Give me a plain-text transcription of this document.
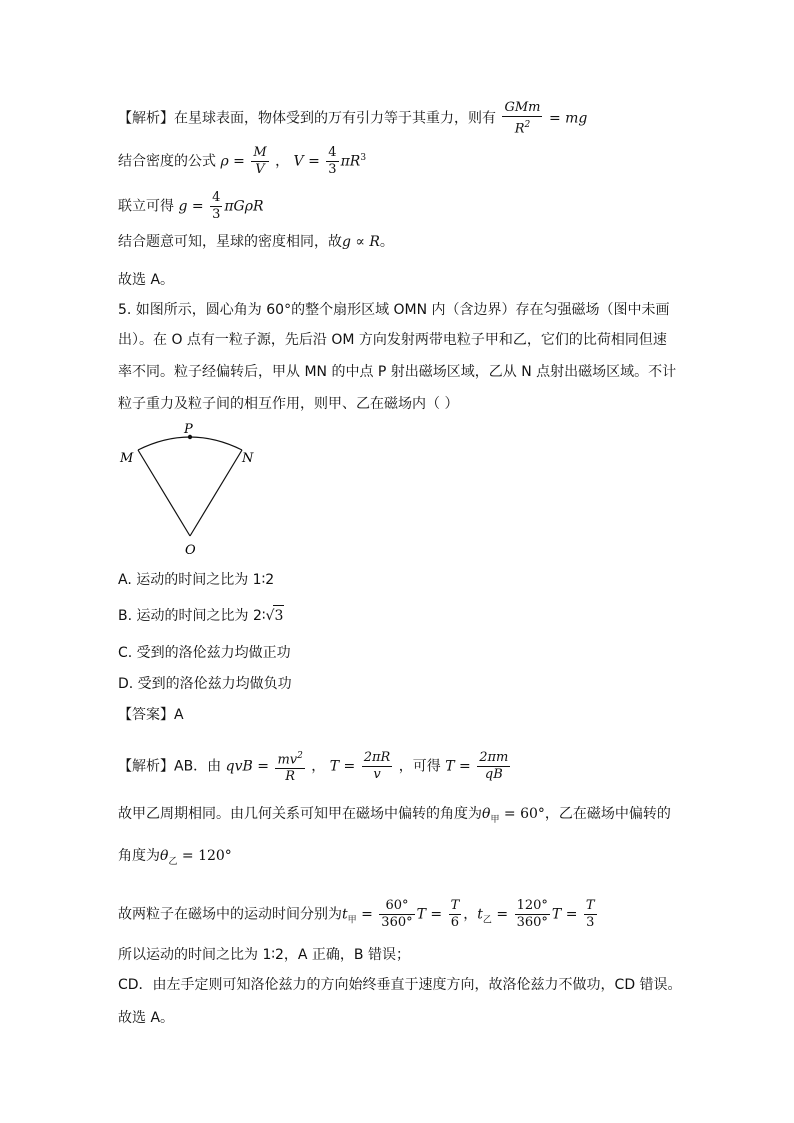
【解析】在星球表面，物体受到的万有引力等于其重力，则有 $\frac{\text{GMm}}{R^2}$ = mg
结合密度的公式 $\rho = \frac{M}{V}$ ， $V = \frac{4}{3} \pi R^3$
联立可得 $g = \frac{4}{3}$ πGρR
结合题意可知，星球的密度相同，故g ∝ R。
故选 A。
5. 如图所示，圆心角为 60°的整个扇形区域 OMN 内（含边界）存在匀强磁场（图中未画
出）。在 O 点有一粒子源，先后沿 OM 方向发射两带电粒子甲和乙，它们的比荷相同但速
率不同。粒子经偏转后，甲从 MN 的中点 P 射出磁场区域，乙从 N 点射出磁场区域。不计
粒子重力及粒子间的相互作用，则甲、乙在磁场内（ ）
M
P
N
O
A. 运动的时间之比为 1∶2
B. 运动的时间之比为 2∶√3
C. 受到的洛伦兹力均做正功
D. 受到的洛伦兹力均做负功
【答案】A
【解析】AB．由 qvB = $\frac{mv^2}{R}$ ， $T = \frac{2\pi R}{v}$ ，可得 $T = \frac{2\pi m}{qB}$
故甲乙周期相同。由几何关系可知甲在磁场中偏转的角度为$\theta_甲 = 60^\circ$，乙在磁场中偏转的
角度为$\theta_乙 = 120^\circ$
故两粒子在磁场中的运动时间分别为$t_甲 = \frac{60^\circ}{360^\circ}$ $T = \frac{T}{6}$ ，$t_乙 = \frac{120^\circ}{360^\circ}$ $T = \frac{T}{3}$
所以运动的时间之比为 1∶2，A 正确，B 错误；
CD．由左手定则可知洛伦兹力的方向始终垂直于速度方向，故洛伦兹力不做功，CD 错误。
故选 A。
